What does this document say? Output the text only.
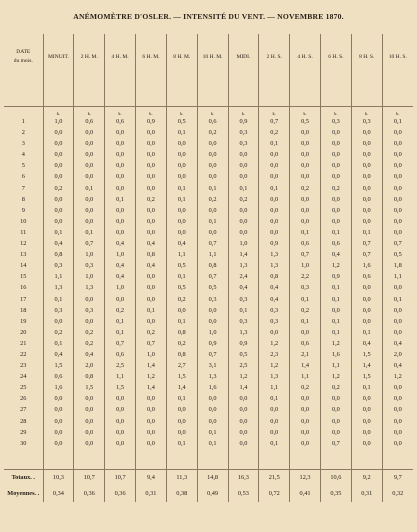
ANÉMOMÈTRE D'OSLER. — INTENSITÉ DU VENT. — NOVEMBRE 1870.
DATE
du mois.	MINUIT.	2 H. M.	4 H. M.	6 H. M.	8 H. M.	10 H. M.	MIDI.	2 H. S.	4 H. S.	6 H. S.	8 H. S.	10 H. S.
	k.	k.	k.	k.	k.	k.	k.	k.	k.	k.	k.	k.
1	1,0	0,6	0,6	0,9	0,5	0,6	0,9	0,7	0,5	0,3	0,3	0,1
2	0,0	0,0	0,0	0,0	0,1	0,2	0,3	0,2	0,0	0,0	0,0	0,0
3	0,0	0,0	0,0	0,0	0,0	0,0	0,3	0,1	0,0	0,0	0,0	0,0
4	0,0	0,0	0,0	0,0	0,0	0,0	0,0	0,0	0,0	0,0	0,0	0,0
5	0,0	0,0	0,0	0,0	0,0	0,0	0,0	0,0	0,0	0,0	0,0	0,0
6	0,0	0,0	0,0	0,0	0,0	0,0	0,0	0,0	0,0	0,0	0,0	0,0
7	0,2	0,1	0,0	0,0	0,1	0,1	0,1	0,1	0,2	0,2	0,0	0,0
8	0,0	0,0	0,1	0,2	0,1	0,2	0,2	0,0	0,0	0,0	0,0	0,0
9	0,0	0,0	0,0	0,0	0,0	0,0	0,0	0,0	0,0	0,0	0,0	0,0
10	0,0	0,0	0,0	0,0	0,0	0,1	0,0	0,0	0,0	0,0	0,0	0,0
11	0,1	0,1	0,0	0,0	0,0	0,0	0,0	0,0	0,1	0,1	0,1	0,0
12	0,4	0,7	0,4	0,4	0,4	0,7	1,0	0,9	0,6	0,6	0,7	0,7
13	0,8	1,0	1,0	0,8	1,1	1,1	1,4	1,3	0,7	0,4	0,7	0,5
14	0,3	0,3	0,4	0,4	0,5	0,8	1,3	1,3	1,0	1,2	1,6	1,8
15	1,1	1,0	0,4	0,0	0,1	0,7	2,4	0,8	2,2	0,9	0,6	1,1
16	1,3	1,3	1,0	0,0	0,5	0,5	0,4	0,4	0,3	0,1	0,0	0,0
17	0,1	0,0	0,0	0,0	0,2	0,3	0,3	0,4	0,1	0,1	0,0	0,1
18	0,3	0,3	0,2	0,1	0,0	0,0	0,1	0,3	0,2	0,0	0,0	0,0
19	0,0	0,0	0,1	0,0	0,1	0,0	0,3	0,3	0,1	0,1	0,0	0,0
20	0,2	0,2	0,1	0,2	0,8	1,0	1,3	0,0	0,0	0,1	0,1	0,0
21	0,1	0,2	0,7	0,7	0,2	0,9	0,9	1,2	0,6	1,2	0,4	0,4
22	0,4	0,4	0,6	1,0	0,8	0,7	0,5	2,3	2,1	1,6	1,5	2,0
23	1,5	2,0	2,5	1,4	2,7	3,1	2,5	1,2	1,4	1,1	1,4	0,4
24	0,6	0,8	1,1	1,2	1,5	1,3	1,2	1,3	1,1	1,2	1,5	1,2
25	1,6	1,5	1,5	1,4	1,4	1,6	1,4	1,1	0,2	0,2	0,1	0,0
26	0,0	0,0	0,0	0,0	0,1	0,0	0,0	0,1	0,0	0,0	0,0	0,0
27	0,0	0,0	0,0	0,0	0,0	0,0	0,0	0,0	0,0	0,0	0,0	0,0
28	0,0	0,0	0,0	0,0	0,0	0,0	0,0	0,0	0,0	0,0	0,0	0,0
29	0,0	0,0	0,0	0,0	0,0	0,1	0,0	0,0	0,0	0,0	0,0	0,0
30	0,0	0,0	0,0	0,0	0,1	0,1	0,0	0,1	0,0	0,7	0,0	0,0

Totaux. .	10,3	10,7	10,7	9,4	11,3	14,8	16,3	21,5	12,3	10,6	9,2	9,7
Moyennes. .	0,34	0,36	0,36	0,31	0,38	0,49	0,53	0,72	0,41	0,35	0,31	0,32
